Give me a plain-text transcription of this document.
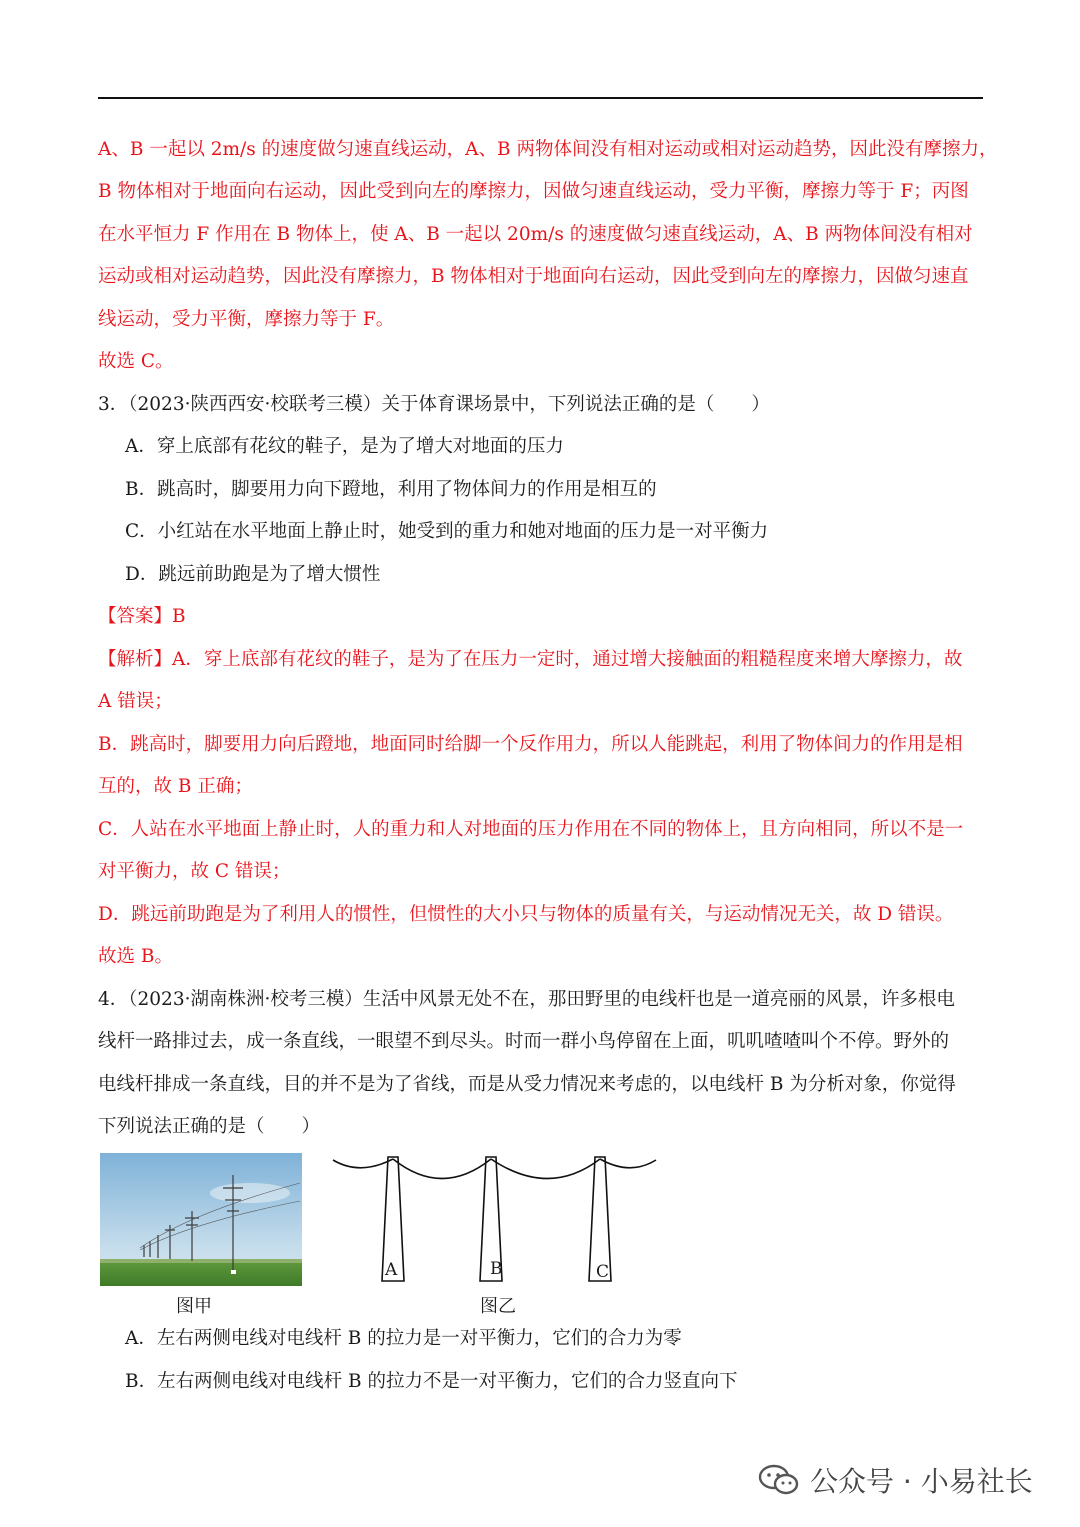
A、B 一起以 2m/s 的速度做匀速直线运动，A、B 两物体间没有相对运动或相对运动趋势，因此没有摩擦力，
B 物体相对于地面向右运动，因此受到向左的摩擦力，因做匀速直线运动，受力平衡，摩擦力等于 F；丙图
在水平恒力 F 作用在 B 物体上，使 A、B 一起以 20m/s 的速度做匀速直线运动，A、B 两物体间没有相对
运动或相对运动趋势，因此没有摩擦力，B 物体相对于地面向右运动，因此受到向左的摩擦力，因做匀速直
线运动，受力平衡，摩擦力等于 F。
故选 C。
3．（2023·陕西西安·校联考三模）关于体育课场景中，下列说法正确的是（　　）
A．穿上底部有花纹的鞋子，是为了增大对地面的压力
B．跳高时，脚要用力向下蹬地，利用了物体间力的作用是相互的
C．小红站在水平地面上静止时，她受到的重力和她对地面的压力是一对平衡力
D．跳远前助跑是为了增大惯性
【答案】B
【解析】A．穿上底部有花纹的鞋子，是为了在压力一定时，通过增大接触面的粗糙程度来增大摩擦力，故
A 错误；
B．跳高时，脚要用力向后蹬地，地面同时给脚一个反作用力，所以人能跳起，利用了物体间力的作用是相
互的，故 B 正确；
C．人站在水平地面上静止时，人的重力和人对地面的压力作用在不同的物体上，且方向相同，所以不是一
对平衡力，故 C 错误；
D．跳远前助跑是为了利用人的惯性，但惯性的大小只与物体的质量有关，与运动情况无关，故 D 错误。
故选 B。
4．（2023·湖南株洲·校考三模）生活中风景无处不在，那田野里的电线杆也是一道亮丽的风景，许多根电
线杆一路排过去，成一条直线，一眼望不到尽头。时而一群小鸟停留在上面，叽叽喳喳叫个不停。野外的
电线杆排成一条直线，目的并不是为了省线，而是从受力情况来考虑的，以电线杆 B 为分析对象，你觉得
下列说法正确的是（　　）
图甲
A	B	C
图乙
A．左右两侧电线对电线杆 B 的拉力是一对平衡力，它们的合力为零
B．左右两侧电线对电线杆 B 的拉力不是一对平衡力，它们的合力竖直向下
公众号 · 小易社长
